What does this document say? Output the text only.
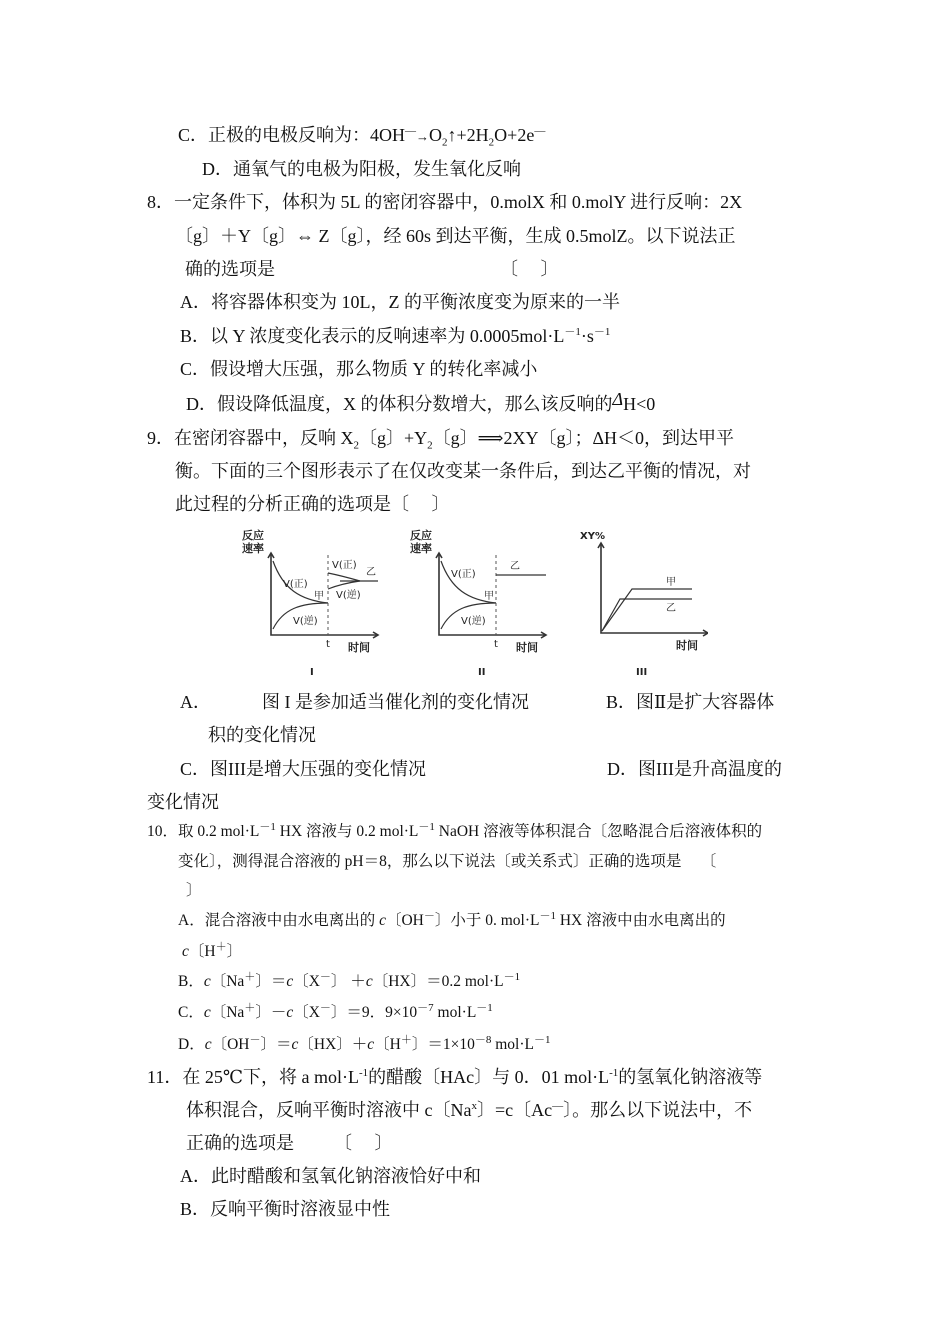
C．正极的电极反响为：$4OH^—\to O_2↑+2H_2O+2e^—$
D．通氧气的电极为阳极，发生氧化反响
8．一定条件下，体积为 5L 的密闭容器中，0.molX 和 0.molY 进行反响：2X
〔g〕＋Y〔g〕⇔ Z〔g〕，经 60s 到达平衡，生成 0.5molZ。以下说法正
确的选项是	〔　 〕
A．将容器体积变为 10L，Z 的平衡浓度变为原来的一半
B．以 Y 浓度变化表示的反响速率为 $0.0005mol\cdot L^{-1}\cdot s^{-1}$
C．假设增大压强，那么物质 Y 的转化率减小
D．假设降低温度，X 的体积分数增大，那么该反响的ΔH<0
9．在密闭容器中，反响 $X_2$〔g〕$+Y_2$〔g〕⟹2XY〔g〕；ΔH＜0，到达甲平
衡。下面的三个图形表示了在仅改变某一条件后，到达乙平衡的情况，对
此过程的分析正确的选项是〔　 〕
反应
速率
V(正)
V(逆)
甲
V(正)
V(逆)
乙
t 时间
I
反应
速率
V(正)
V(逆)
甲
乙
t 时间
II
XY%
甲
乙
时间
III
A．	图 I 是参加适当催化剂的变化情况	B．图Ⅱ是扩大容器体
积的变化情况
C．图III是增大压强的变化情况	D．图III是升高温度的
变化情况
10．取 0.2 $mol\cdot L^{-1}$ HX 溶液与 0.2 $mol\cdot L^{-1}$ NaOH 溶液等体积混合〔忽略混合后溶液体积的
变化〕，测得混合溶液的 pH＝8，那么以下说法〔或关系式〕正确的选项是　 〔
〕
A．混合溶液中由水电离出的 c〔OH－〕小于 0. $mol\cdot L^{-1}$ HX 溶液中由水电离出的
c〔H＋〕
B．c〔Na＋〕＝c〔X－〕 ＋c〔HX〕＝0.2 $mol\cdot L^{-1}$
C．c〔Na＋〕－c〔X－〕＝9．$9\times 10^{-7}$ $mol\cdot L^{-1}$
D．c〔OH－〕＝c〔HX〕＋c〔H＋〕$=1\times 10^{-8}$ $mol\cdot L^{-1}$
11．在 25℃下，将 a $mol\cdot L^{-1}$的醋酸〔HAc〕与 0．01 $mol\cdot L^{-1}$的氢氧化钠溶液等
体积混合，反响平衡时溶液中 c〔$Na^x$〕=c〔Ac—〕。那么以下说法中，不
正确的选项是 〔　 〕
A．此时醋酸和氢氧化钠溶液恰好中和
B．反响平衡时溶液显中性
